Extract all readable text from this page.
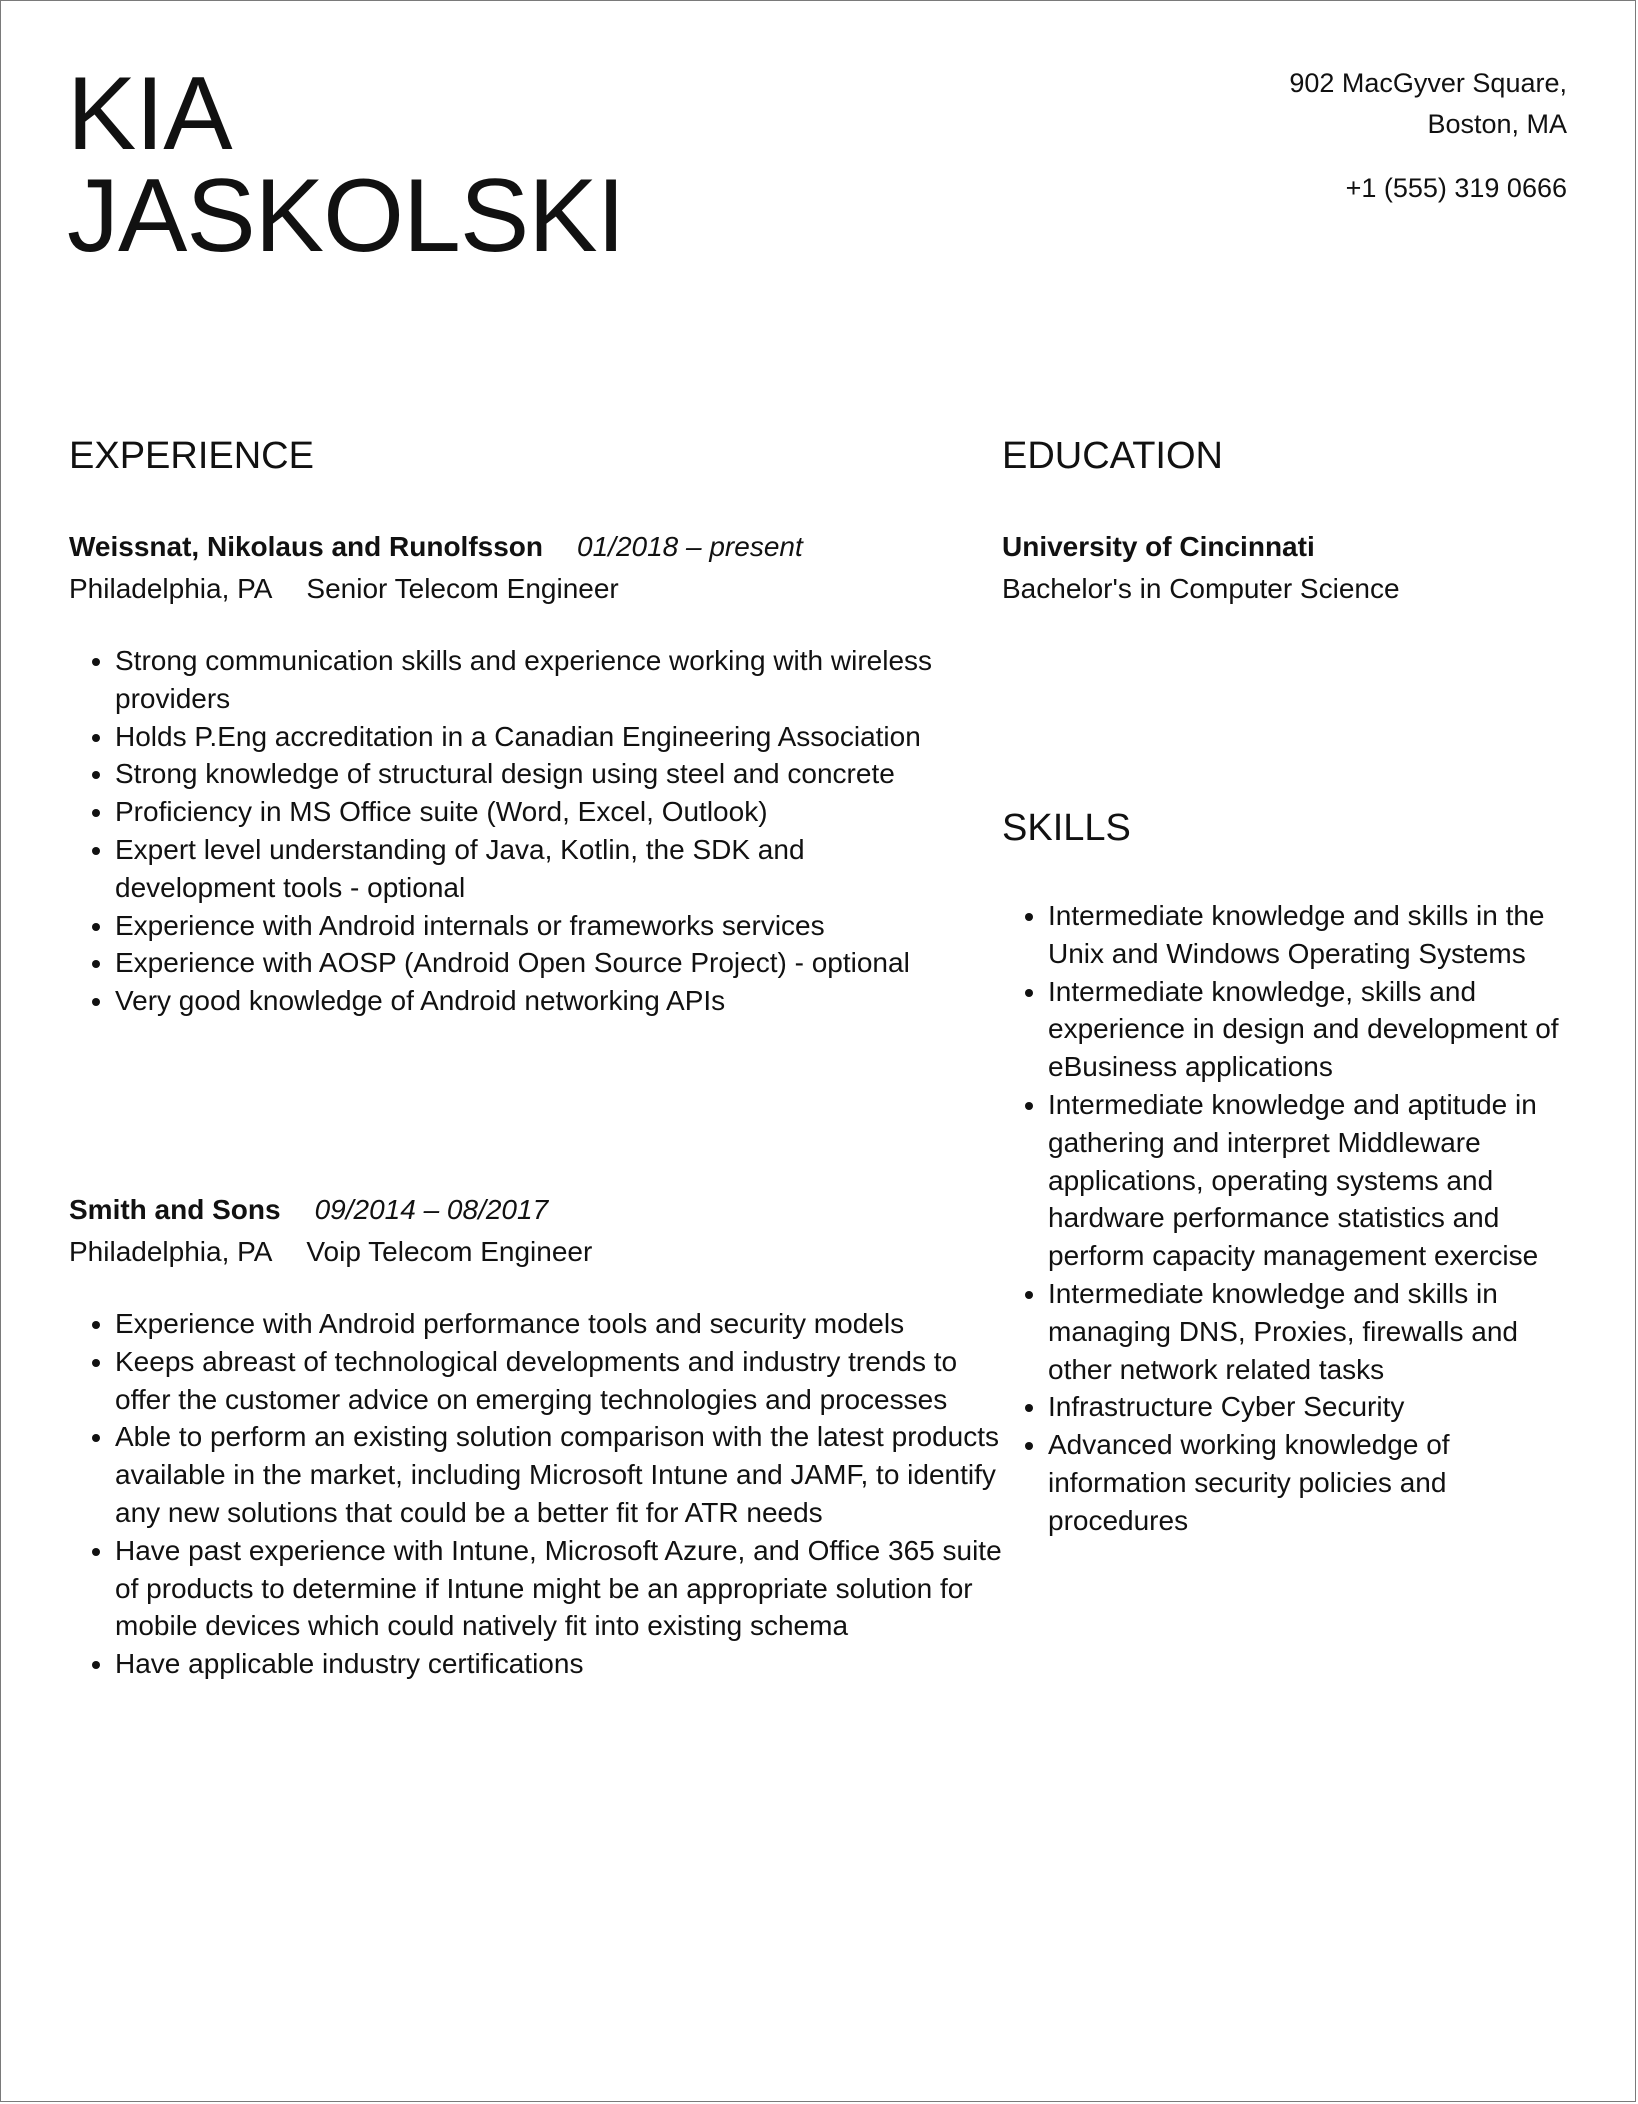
KIA
JASKOLSKI
902 MacGyver Square,
Boston, MA
+1 (555) 319 0666
EXPERIENCE
Weissnat, Nikolaus and Runolfsson 01/2018 – present
Philadelphia, PA Senior Telecom Engineer
• Strong communication skills and experience working with wireless providers
• Holds P.Eng accreditation in a Canadian Engineering Association
• Strong knowledge of structural design using steel and concrete
• Proficiency in MS Office suite (Word, Excel, Outlook)
• Expert level understanding of Java, Kotlin, the SDK and development tools - optional
• Experience with Android internals or frameworks services
• Experience with AOSP (Android Open Source Project) - optional
• Very good knowledge of Android networking APIs
Smith and Sons 09/2014 – 08/2017
Philadelphia, PA Voip Telecom Engineer
• Experience with Android performance tools and security models
• Keeps abreast of technological developments and industry trends to offer the customer advice on emerging technologies and processes
• Able to perform an existing solution comparison with the latest products available in the market, including Microsoft Intune and JAMF, to identify any new solutions that could be a better fit for ATR needs
• Have past experience with Intune, Microsoft Azure, and Office 365 suite of products to determine if Intune might be an appropriate solution for mobile devices which could natively fit into existing schema
• Have applicable industry certifications
EDUCATION
University of Cincinnati
Bachelor's in Computer Science
SKILLS
• Intermediate knowledge and skills in the Unix and Windows Operating Systems
• Intermediate knowledge, skills and experience in design and development of eBusiness applications
• Intermediate knowledge and aptitude in gathering and interpret Middleware applications, operating systems and hardware performance statistics and perform capacity management exercise
• Intermediate knowledge and skills in managing DNS, Proxies, firewalls and other network related tasks
• Infrastructure Cyber Security
• Advanced working knowledge of information security policies and procedures
